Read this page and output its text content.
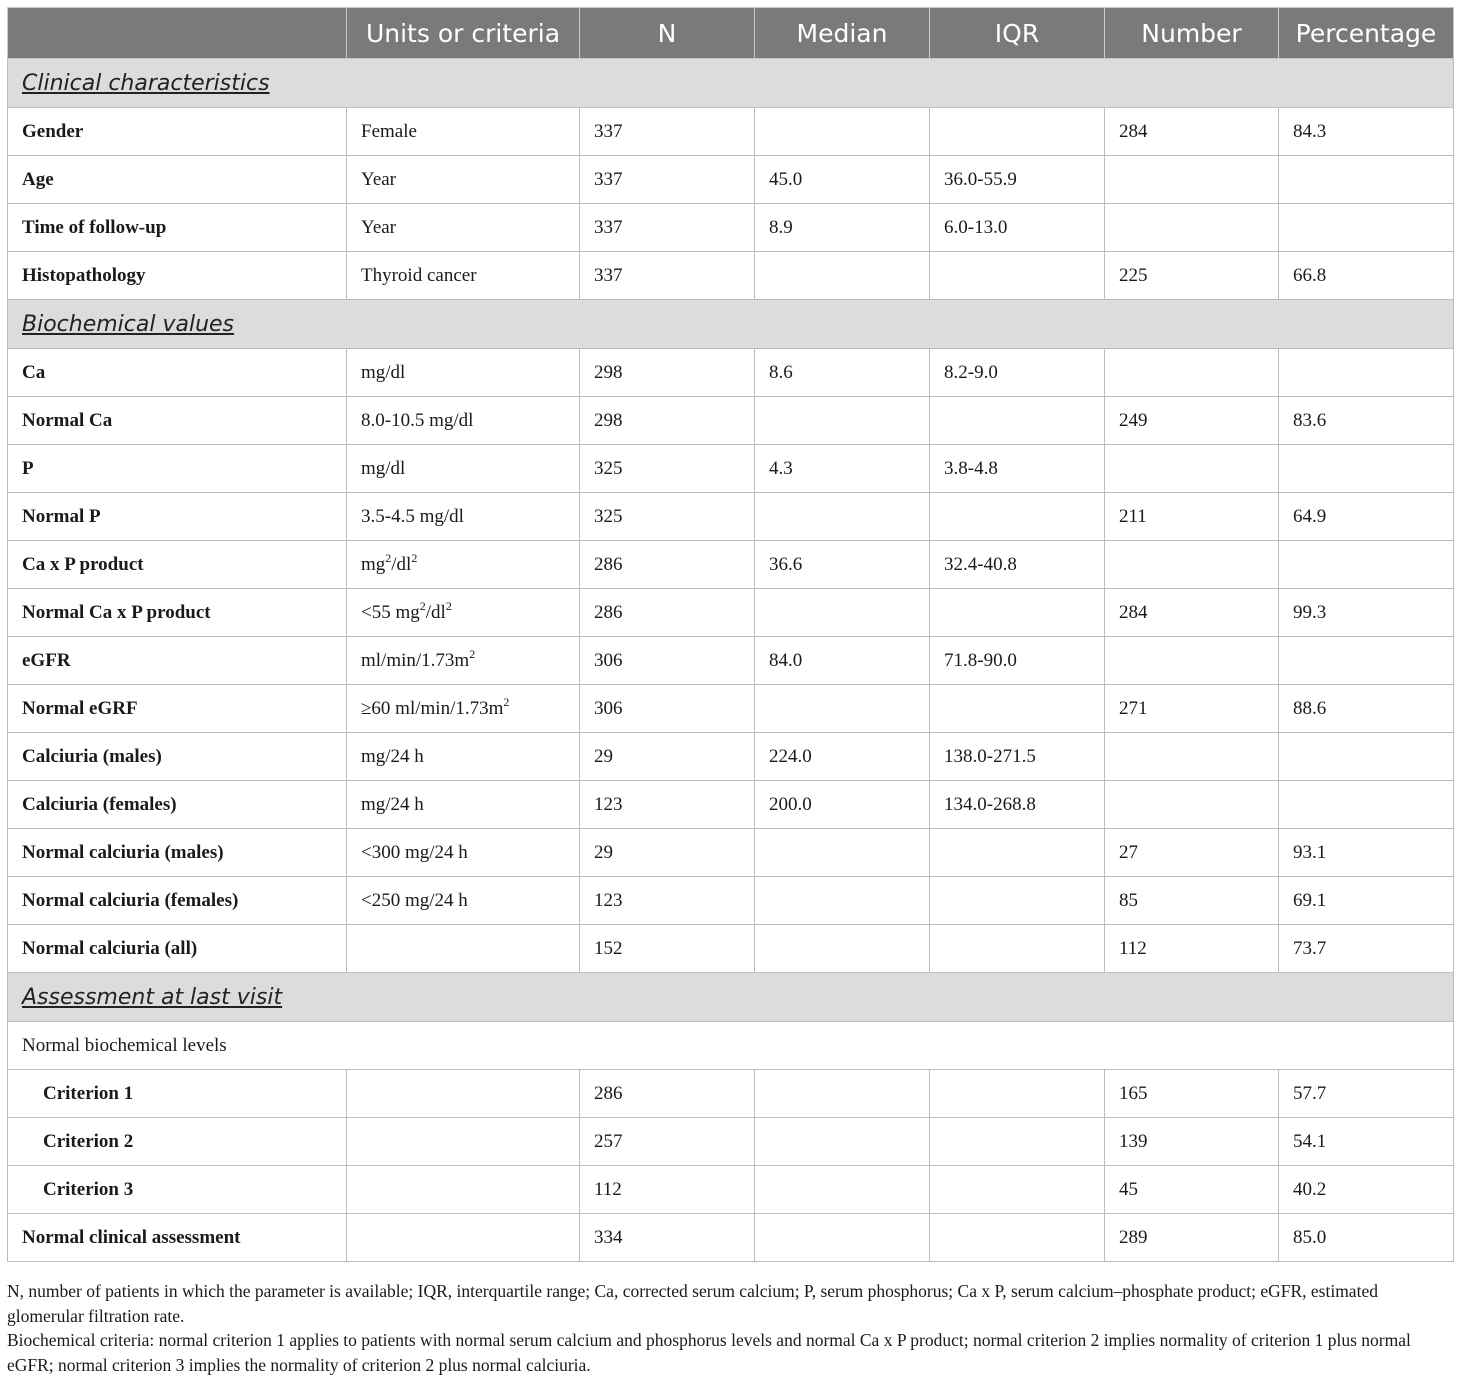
	Units or criteria	N	Median	IQR	Number	Percentage
Clinical characteristics						
Gender	Female	337			284	84.3
Age	Year	337	45.0	36.0-55.9		
Time of follow-up	Year	337	8.9	6.0-13.0		
Histopathology	Thyroid cancer	337			225	66.8
Biochemical values						
Ca	mg/dl	298	8.6	8.2-9.0		
Normal Ca	8.0-10.5 mg/dl	298			249	83.6
P	mg/dl	325	4.3	3.8-4.8		
Normal P	3.5-4.5 mg/dl	325			211	64.9
Ca x P product	$mg^2/dl^2$	286	36.6	32.4-40.8		
Normal Ca x P product	<55 $mg^2/dl^2$	286			284	99.3
eGFR	$ml/\min/1.73m^2$	306	84.0	71.8-90.0		
Normal eGRF	≥60 $ml/\min/1.73m^2$	306			271	88.6
Calciuria (males)	mg/24 h	29	224.0	138.0-271.5		
Calciuria (females)	mg/24 h	123	200.0	134.0-268.8		
Normal calciuria (males)	<300 mg/24 h	29			27	93.1
Normal calciuria (females)	<250 mg/24 h	123			85	69.1
Normal calciuria (all)		152			112	73.7
Assessment at last visit						
Normal biochemical levels						
Criterion 1		286			165	57.7
Criterion 2		257			139	54.1
Criterion 3		112			45	40.2
Normal clinical assessment		334			289	85.0

N, number of patients in which the parameter is available; IQR, interquartile range; Ca, corrected serum calcium; P, serum phosphorus; Ca x P, serum calcium–phosphate product; eGFR, estimated glomerular filtration rate.

Biochemical criteria: normal criterion 1 applies to patients with normal serum calcium and phosphorus levels and normal Ca x P product; normal criterion 2 implies normality of criterion 1 plus normal eGFR; normal criterion 3 implies the normality of criterion 2 plus normal calciuria.
